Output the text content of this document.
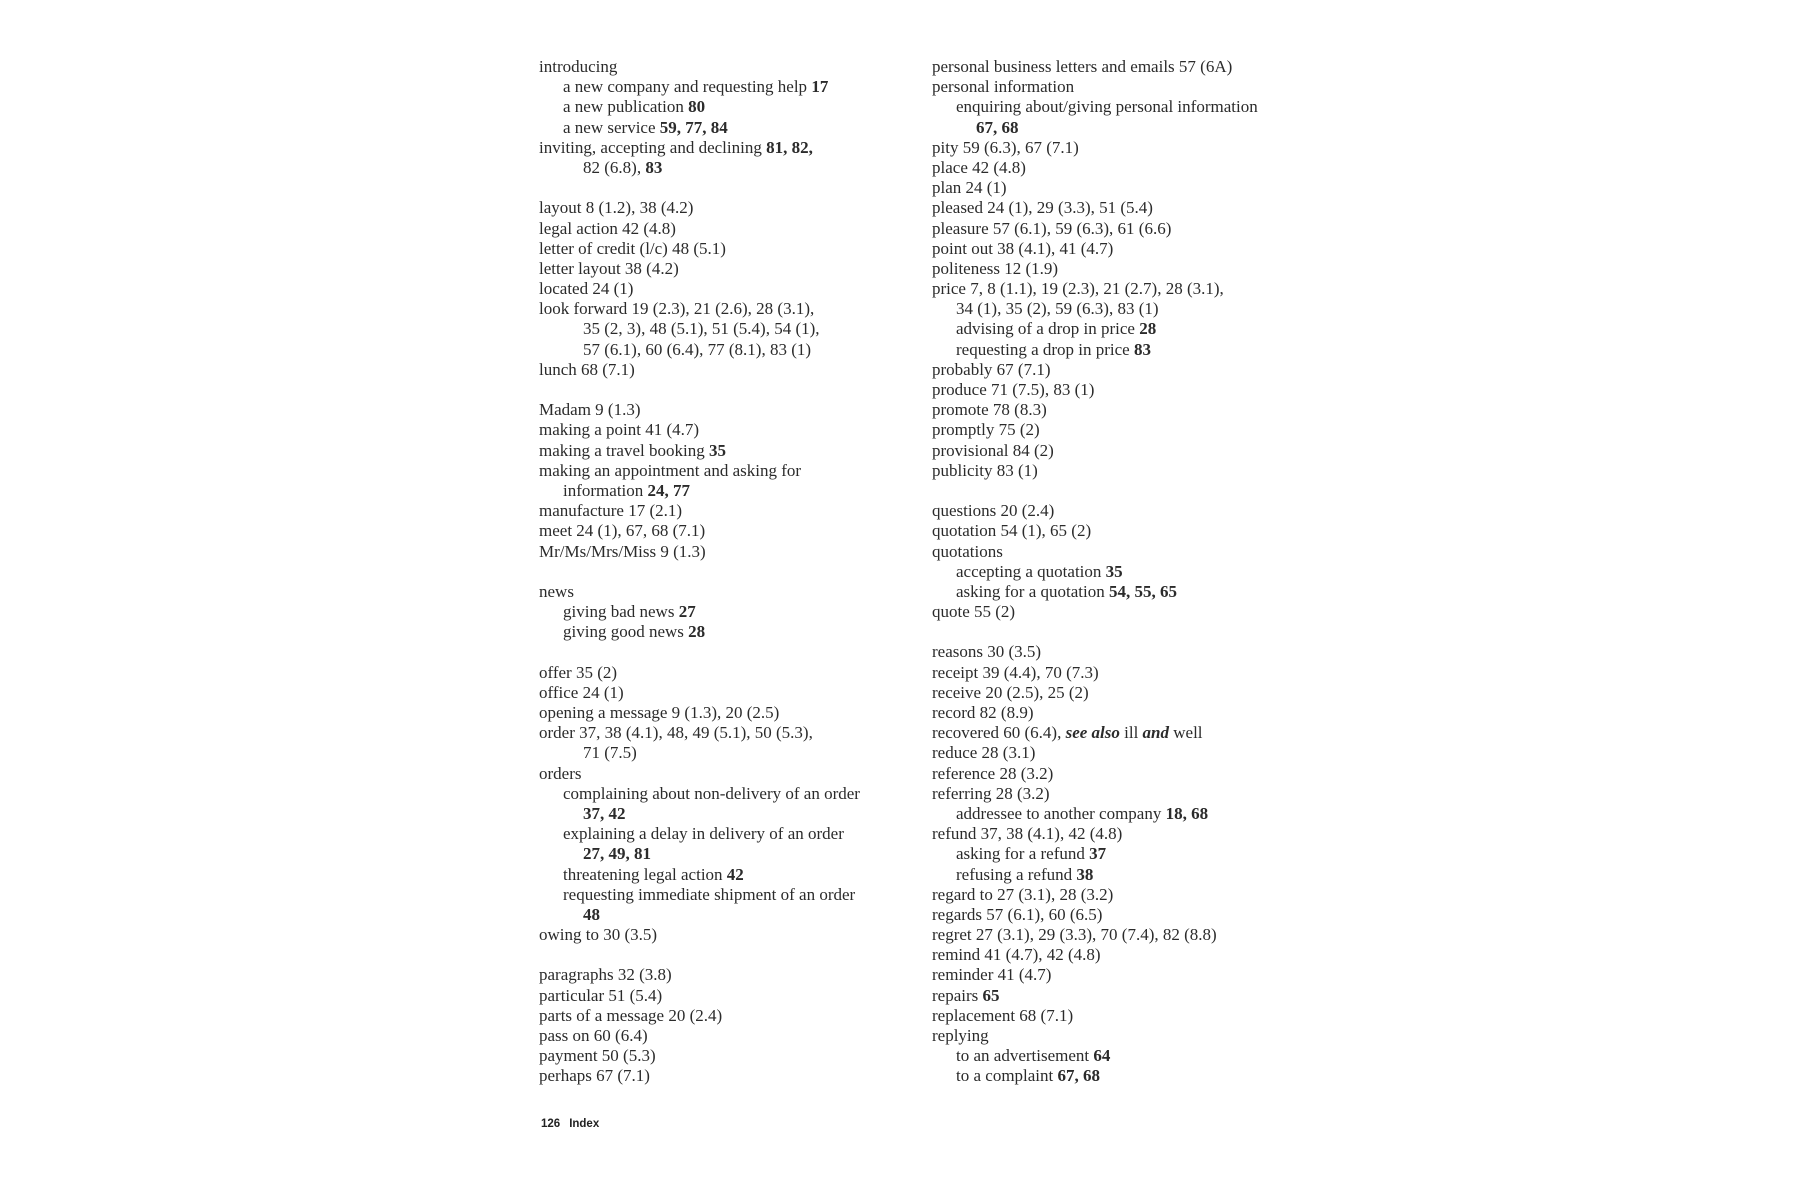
introducing
a new company and requesting help 17
a new publication 80
a new service 59, 77, 84
inviting, accepting and declining 81, 82,
82 (6.8), 83
layout 8 (1.2), 38 (4.2)
legal action 42 (4.8)
letter of credit (l/c) 48 (5.1)
letter layout 38 (4.2)
located 24 (1)
look forward 19 (2.3), 21 (2.6), 28 (3.1),
35 (2, 3), 48 (5.1), 51 (5.4), 54 (1),
57 (6.1), 60 (6.4), 77 (8.1), 83 (1)
lunch 68 (7.1)
Madam 9 (1.3)
making a point 41 (4.7)
making a travel booking 35
making an appointment and asking for
information 24, 77
manufacture 17 (2.1)
meet 24 (1), 67, 68 (7.1)
Mr/Ms/Mrs/Miss 9 (1.3)
news
giving bad news 27
giving good news 28
offer 35 (2)
office 24 (1)
opening a message 9 (1.3), 20 (2.5)
order 37, 38 (4.1), 48, 49 (5.1), 50 (5.3),
71 (7.5)
orders
complaining about non-delivery of an order
37, 42
explaining a delay in delivery of an order
27, 49, 81
threatening legal action 42
requesting immediate shipment of an order
48
owing to 30 (3.5)
paragraphs 32 (3.8)
particular 51 (5.4)
parts of a message 20 (2.4)
pass on 60 (6.4)
payment 50 (5.3)
perhaps 67 (7.1)
personal business letters and emails 57 (6A)
personal information
enquiring about/giving personal information
67, 68
pity 59 (6.3), 67 (7.1)
place 42 (4.8)
plan 24 (1)
pleased 24 (1), 29 (3.3), 51 (5.4)
pleasure 57 (6.1), 59 (6.3), 61 (6.6)
point out 38 (4.1), 41 (4.7)
politeness 12 (1.9)
price 7, 8 (1.1), 19 (2.3), 21 (2.7), 28 (3.1),
34 (1), 35 (2), 59 (6.3), 83 (1)
advising of a drop in price 28
requesting a drop in price 83
probably 67 (7.1)
produce 71 (7.5), 83 (1)
promote 78 (8.3)
promptly 75 (2)
provisional 84 (2)
publicity 83 (1)
questions 20 (2.4)
quotation 54 (1), 65 (2)
quotations
accepting a quotation 35
asking for a quotation 54, 55, 65
quote 55 (2)
reasons 30 (3.5)
receipt 39 (4.4), 70 (7.3)
receive 20 (2.5), 25 (2)
record 82 (8.9)
recovered 60 (6.4), see also ill and well
reduce 28 (3.1)
reference 28 (3.2)
referring 28 (3.2)
addressee to another company 18, 68
refund 37, 38 (4.1), 42 (4.8)
asking for a refund 37
refusing a refund 38
regard to 27 (3.1), 28 (3.2)
regards 57 (6.1), 60 (6.5)
regret 27 (3.1), 29 (3.3), 70 (7.4), 82 (8.8)
remind 41 (4.7), 42 (4.8)
reminder 41 (4.7)
repairs 65
replacement 68 (7.1)
replying
to an advertisement 64
to a complaint 67, 68
126 Index
